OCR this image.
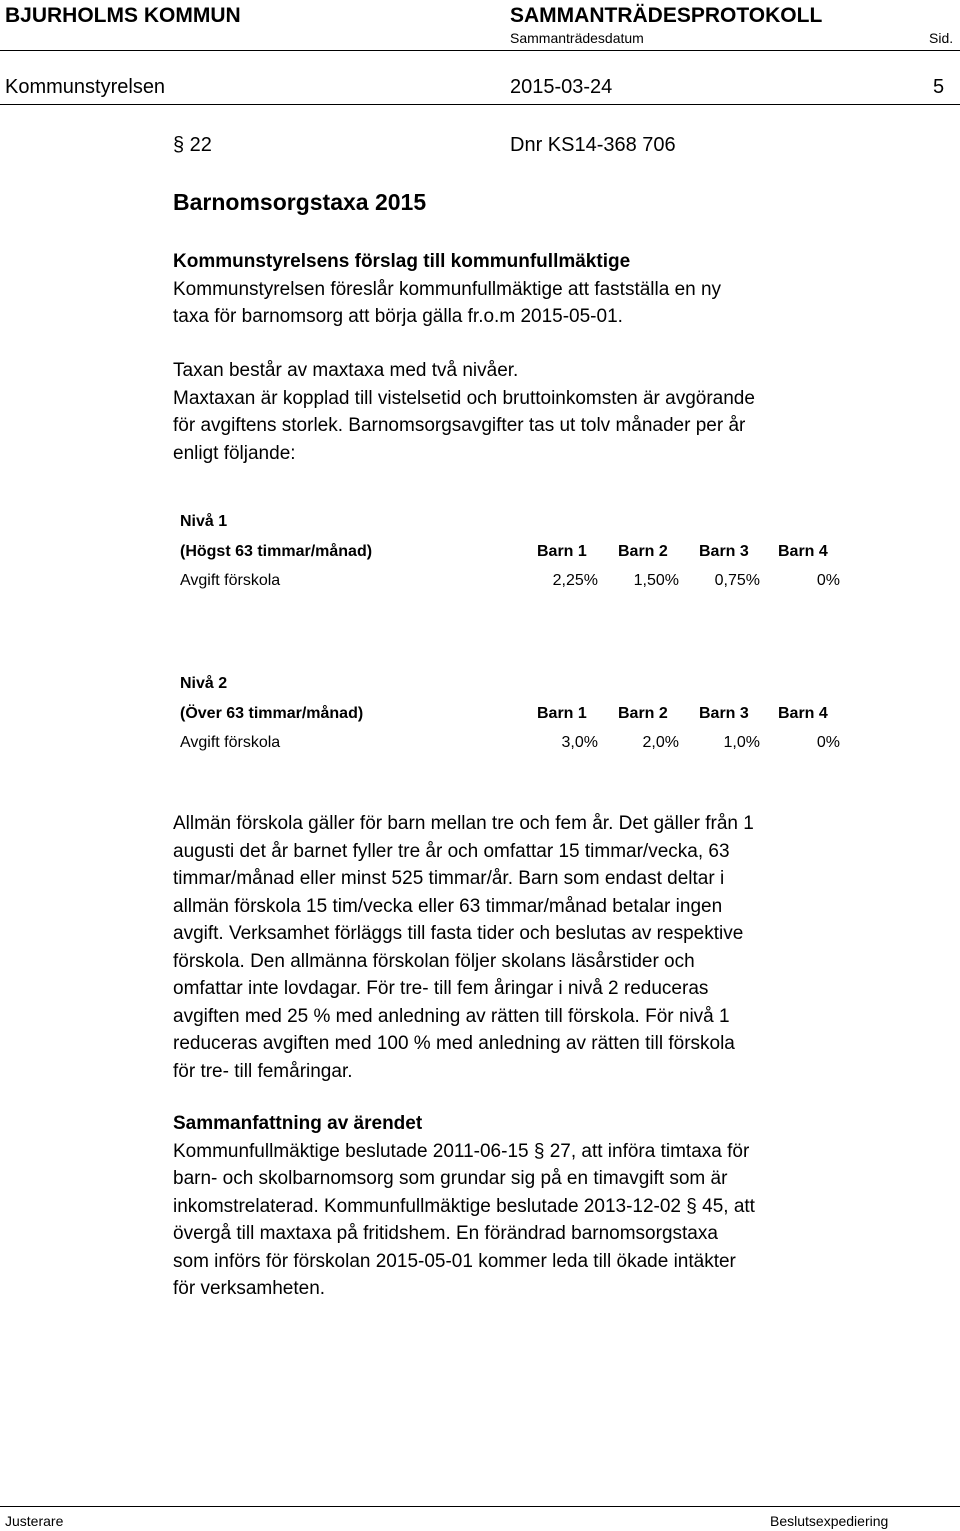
BJURHOLMS KOMMUN	SAMMANTRÄDESPROTOKOLL
Sammanträdesdatum	Sid.
Kommunstyrelsen	2015-03-24	5
§ 22	Dnr KS14-368 706
Barnomsorgstaxa 2015

Kommunstyrelsens förslag till kommunfullmäktige

Kommunstyrelsen föreslår kommunfullmäktige att fastställa en ny

taxa för barnomsorg att börja gälla fr.o.m 2015-05-01.

Taxan består av maxtaxa med två nivåer.

Maxtaxan är kopplad till vistelsetid och bruttoinkomsten är avgörande

för avgiftens storlek. Barnomsorgsavgifter tas ut tolv månader per år

enligt följande:

Nivå 1
(Högst 63 timmar/månad)	Barn 1 Barn 2 Barn 3 Barn 4
Avgift förskola	2,25%	1,50%	0,75%	0%
Nivå 2
(Över 63 timmar/månad)	Barn 1 Barn 2 Barn 3 Barn 4
Avgift förskola	3,0%	2,0%	1,0%	0%

Allmän förskola gäller för barn mellan tre och fem år. Det gäller från 1

augusti det år barnet fyller tre år och omfattar 15 timmar/vecka, 63

timmar/månad eller minst 525 timmar/år. Barn som endast deltar i

allmän förskola 15 tim/vecka eller 63 timmar/månad betalar ingen

avgift. Verksamhet förläggs till fasta tider och beslutas av respektive

förskola. Den allmänna förskolan följer skolans läsårstider och

omfattar inte lovdagar. För tre- till fem åringar i nivå 2 reduceras

avgiften med 25 % med anledning av rätten till förskola. För nivå 1

reduceras avgiften med 100 % med anledning av rätten till förskola

för tre- till femåringar.

Sammanfattning av ärendet

Kommunfullmäktige beslutade 2011-06-15 § 27, att införa timtaxa för

barn- och skolbarnomsorg som grundar sig på en timavgift som är

inkomstrelaterad. Kommunfullmäktige beslutade 2013-12-02 § 45, att

övergå till maxtaxa på fritidshem. En förändrad barnomsorgstaxa

som införs för förskolan 2015-05-01 kommer leda till ökade intäkter

för verksamheten.

Justerare	Beslutsexpediering
